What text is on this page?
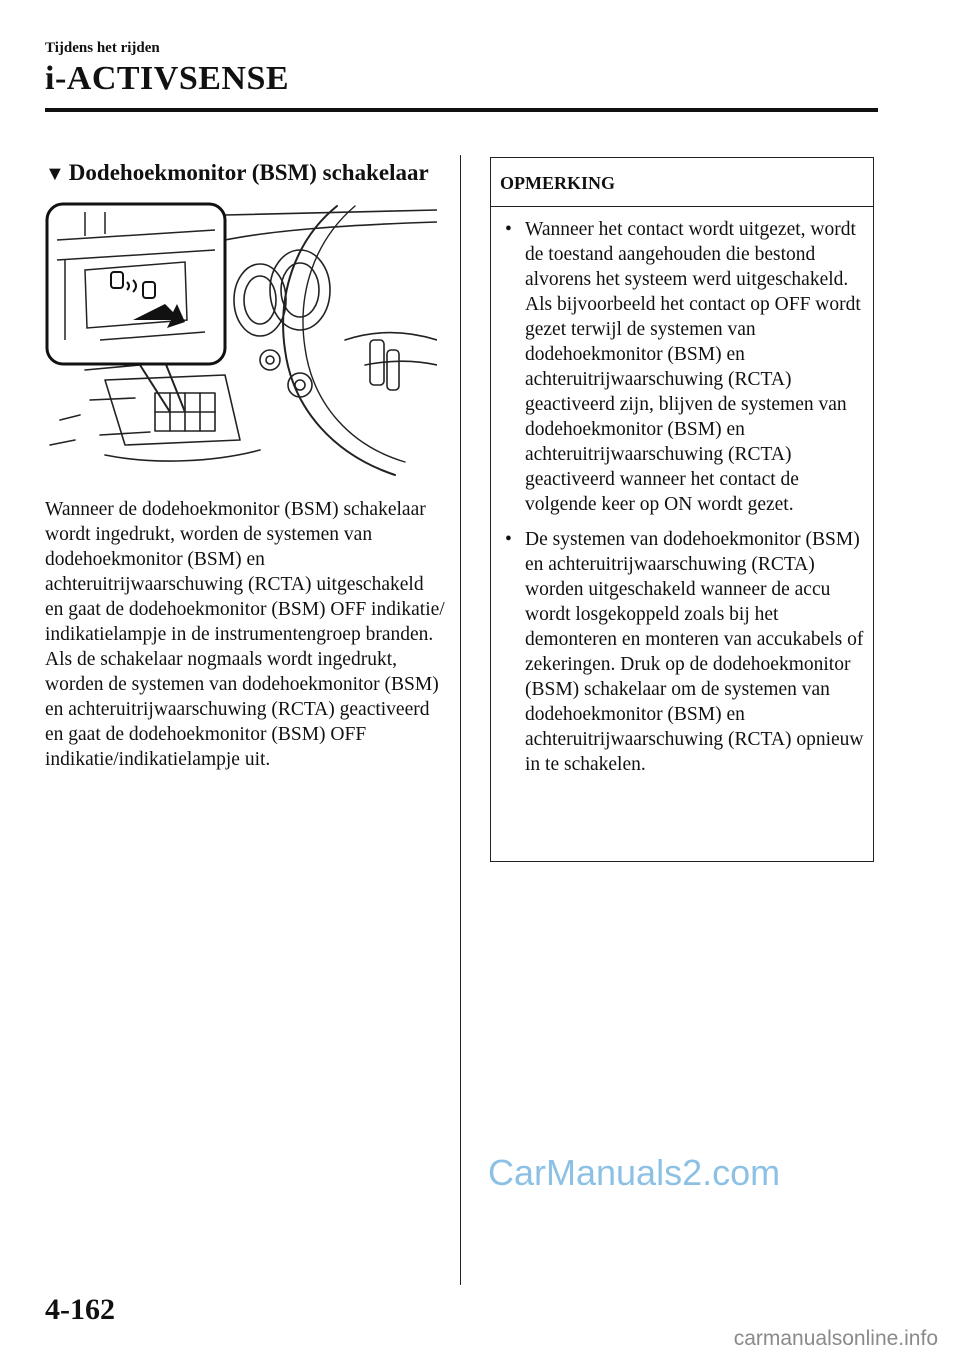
Tijdens het rijden
i-ACTIVSENSE
▼ Dodehoekmonitor (BSM) schakelaar

Wanneer de dodehoekmonitor (BSM) schakelaar wordt ingedrukt, worden de systemen van dodehoekmonitor (BSM) en achteruitrijwaarschuwing (RCTA) uitgeschakeld en gaat de dodehoekmonitor (BSM) OFF indikatie/ indikatielampje in de instrumentengroep branden.

Als de schakelaar nogmaals wordt ingedrukt, worden de systemen van dodehoekmonitor (BSM) en achteruitrijwaarschuwing (RCTA) geactiveerd en gaat de dodehoekmonitor (BSM) OFF indikatie/indikatielampje uit.

OPMERKING
• Wanneer het contact wordt uitgezet, wordt de toestand aangehouden die bestond alvorens het systeem werd uitgeschakeld. Als bijvoorbeeld het contact op OFF wordt gezet terwijl de systemen van dodehoekmonitor (BSM) en achteruitrijwaarschuwing (RCTA) geactiveerd zijn, blijven de systemen van dodehoekmonitor (BSM) en achteruitrijwaarschuwing (RCTA) geactiveerd wanneer het contact de volgende keer op ON wordt gezet.
• De systemen van dodehoekmonitor (BSM) en achteruitrijwaarschuwing (RCTA) worden uitgeschakeld wanneer de accu wordt losgekoppeld zoals bij het demonteren en monteren van accukabels of zekeringen. Druk op de dodehoekmonitor (BSM) schakelaar om de systemen van dodehoekmonitor (BSM) en achteruitrijwaarschuwing (RCTA) opnieuw in te schakelen.
CarManuals2.com
4-162
carmanualsonline.info
